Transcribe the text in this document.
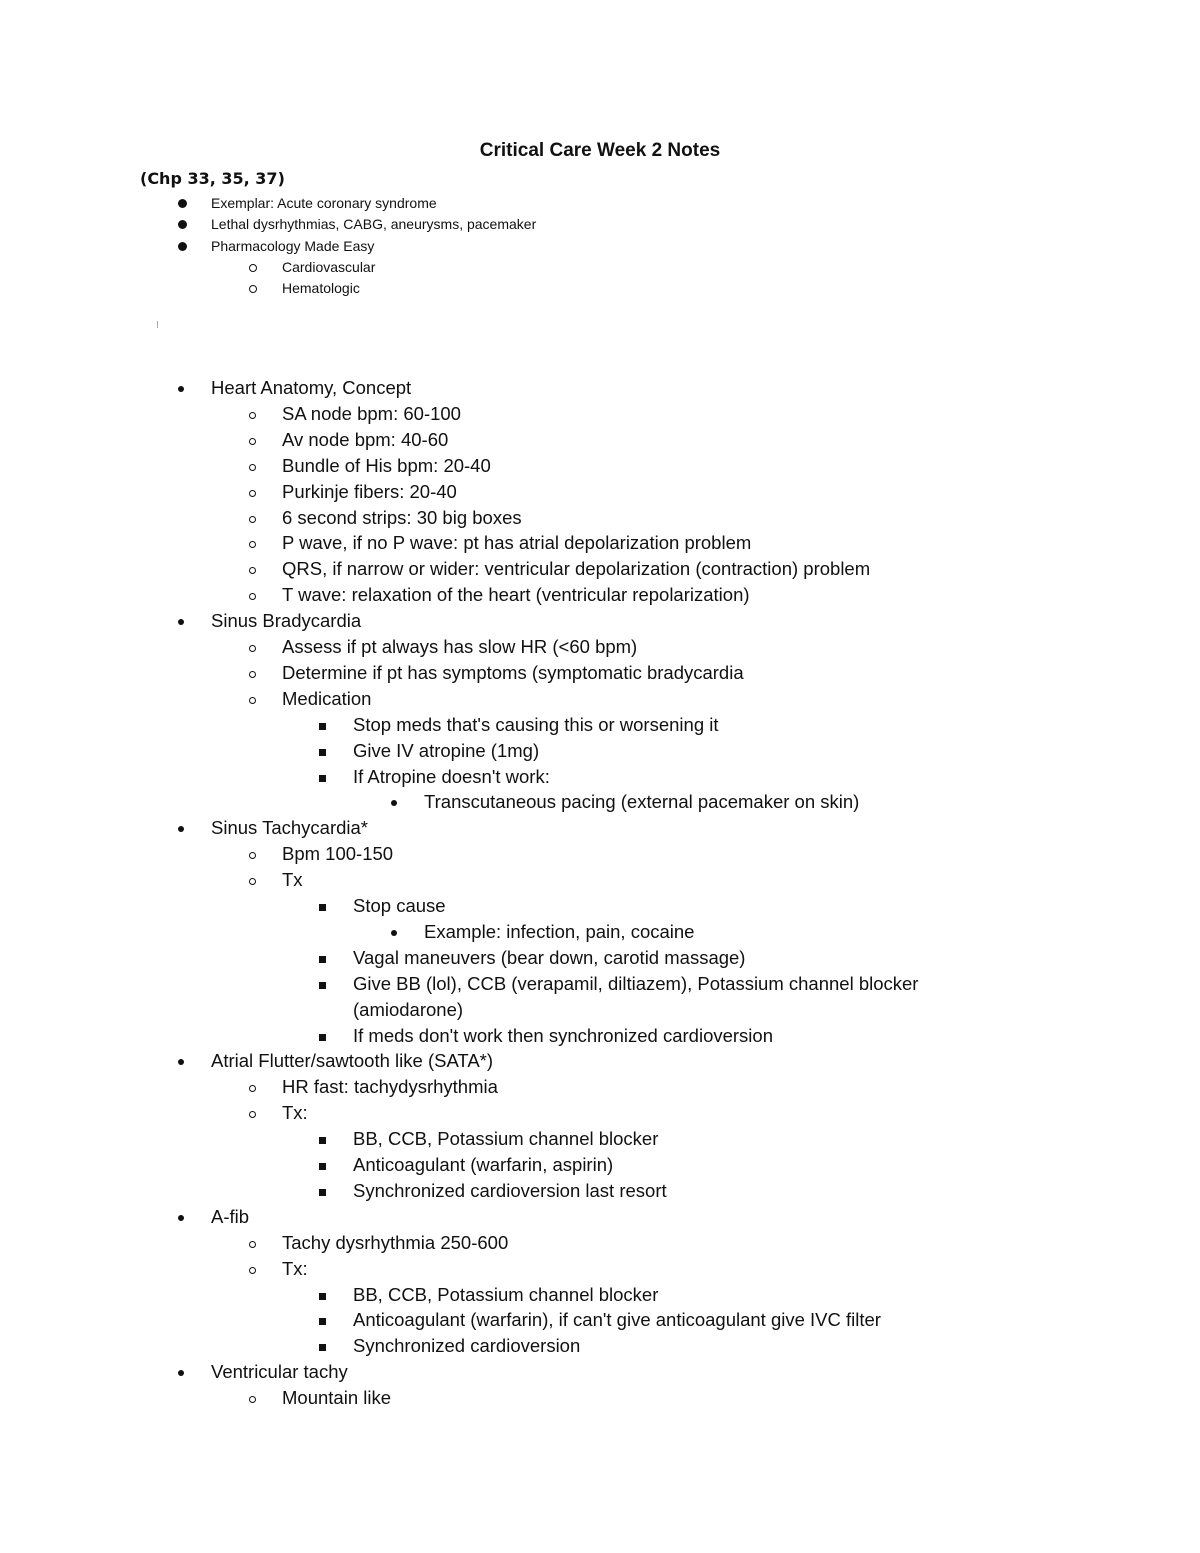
Critical Care Week 2 Notes
(Chp 33, 35, 37)
Exemplar: Acute coronary syndrome
Lethal dysrhythmias, CABG, aneurysms, pacemaker
Pharmacology Made Easy
Cardiovascular
Hematologic
Heart Anatomy, Concept
SA node bpm: 60-100
Av node bpm: 40-60
Bundle of His bpm: 20-40
Purkinje fibers: 20-40
6 second strips: 30 big boxes
P wave, if no P wave: pt has atrial depolarization problem
QRS, if narrow or wider: ventricular depolarization (contraction) problem
T wave: relaxation of the heart (ventricular repolarization)
Sinus Bradycardia
Assess if pt always has slow HR (<60 bpm)
Determine if pt has symptoms (symptomatic bradycardia
Medication
Stop meds that's causing this or worsening it
Give IV atropine (1mg)
If Atropine doesn't work:
Transcutaneous pacing (external pacemaker on skin)
Sinus Tachycardia*
Bpm 100-150
Tx
Stop cause
Example: infection, pain, cocaine
Vagal maneuvers (bear down, carotid massage)
Give BB (lol), CCB (verapamil, diltiazem), Potassium channel blocker
(amiodarone)
If meds don't work then synchronized cardioversion
Atrial Flutter/sawtooth like (SATA*)
HR fast: tachydysrhythmia
Tx:
BB, CCB, Potassium channel blocker
Anticoagulant (warfarin, aspirin)
Synchronized cardioversion last resort
A-fib
Tachy dysrhythmia 250-600
Tx:
BB, CCB, Potassium channel blocker
Anticoagulant (warfarin), if can't give anticoagulant give IVC filter
Synchronized cardioversion
Ventricular tachy
Mountain like
